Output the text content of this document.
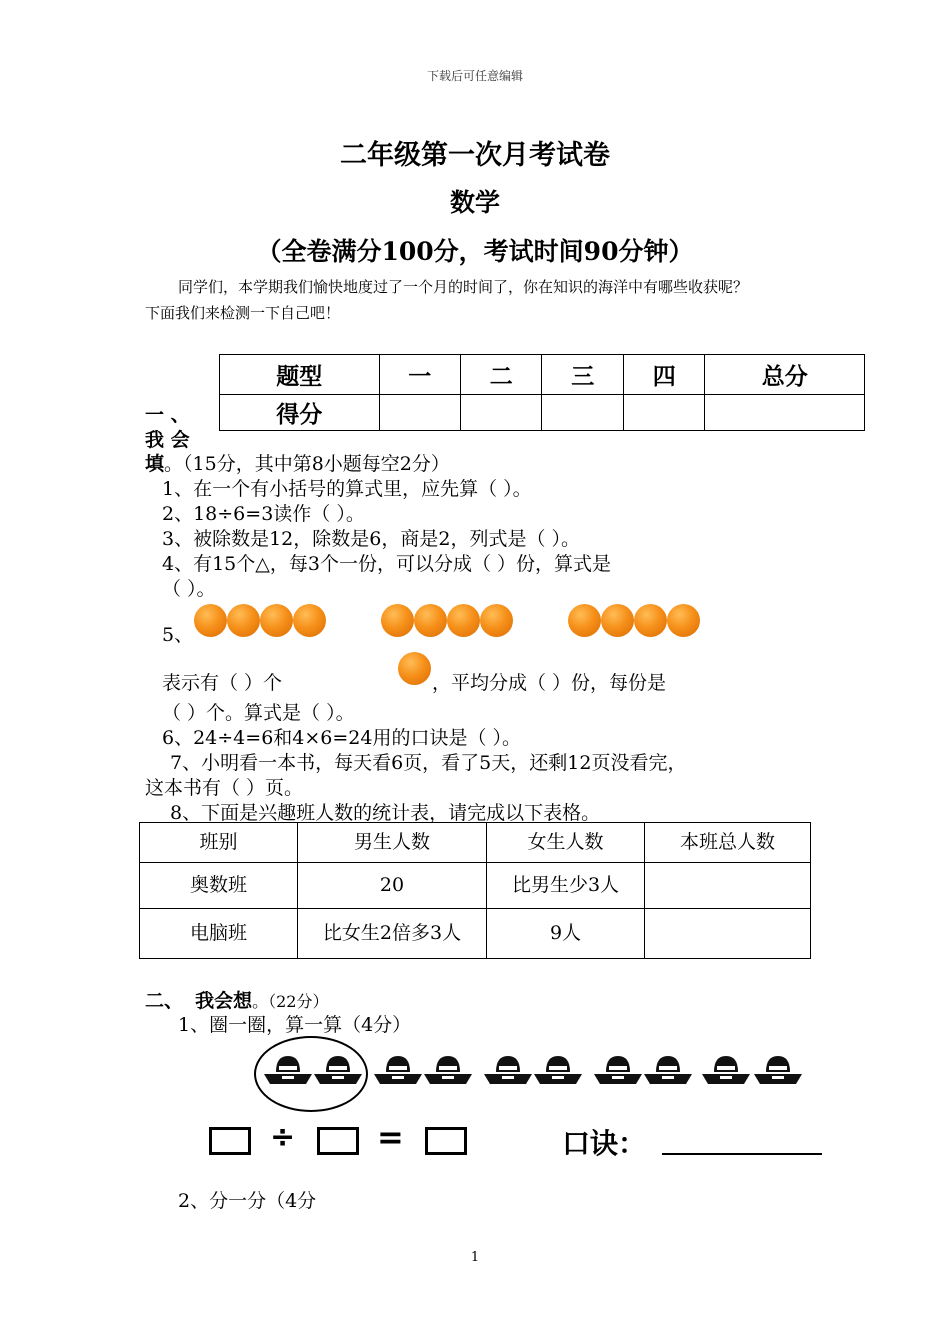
下载后可任意编辑
二年级第一次月考试卷
数学
（全卷满分100分，考试时间90分钟）
同学们，本学期我们愉快地度过了一个月的时间了，你在知识的海洋中有哪些收获呢？
下面我们来检测一下自己吧！
题型	一	二	三	四	总分
得分					
一 、
我 会
填。（15分，其中第8小题每空2分）
1、在一个有小括号的算式里，应先算（ ）。
2、18÷6=3读作（ ）。
3、被除数是12，除数是6，商是2，列式是（ ）。
4、有15个△，每3个一份，可以分成（ ）份，算式是
（ ）。
5、
表示有（ ）个	，平均分成（ ）份，每份是
（ ）个。算式是（ ）。
6、24÷4=6和4×6=24用的口诀是（ ）。
7、小明看一本书，每天看6页，看了5天，还剩12页没看完，
这本书有（ ）页。
8、下面是兴趣班人数的统计表，请完成以下表格。
班别	男生人数	女生人数	本班总人数
奥数班	20	比男生少3人	
电脑班	比女生2倍多3人	9人	
二、 我会想。（22分）
1、圈一圈，算一算（4分）
÷	=	口诀：
2、分一分（4分
1
